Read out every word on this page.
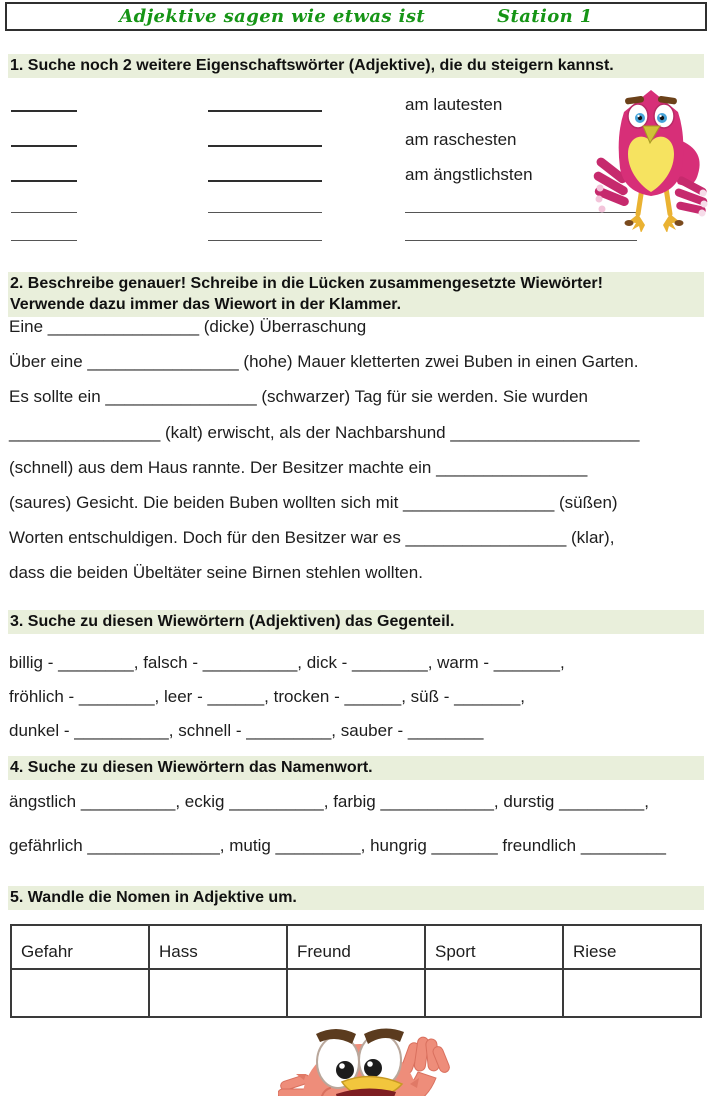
Adjektive sagen wie etwas ist	Station 1
1. Suche noch 2 weitere Eigenschaftswörter (Adjektive), die du steigern kannst.
am lautesten
am raschesten
am ängstlichsten
2. Beschreibe genauer! Schreibe in die Lücken zusammengesetzte Wiewörter!
Verwende dazu immer das Wiewort in der Klammer.
Eine ________________ (dicke) Überraschung
Über eine ________________ (hohe) Mauer kletterten zwei Buben in einen Garten.
Es sollte ein ________________ (schwarzer) Tag für sie werden. Sie wurden
________________ (kalt) erwischt, als der Nachbarshund ____________________
(schnell) aus dem Haus rannte. Der Besitzer machte ein ________________
(saures) Gesicht. Die beiden Buben wollten sich mit ________________ (süßen)
Worten entschuldigen. Doch für den Besitzer war es _________________ (klar),
dass die beiden Übeltäter seine Birnen stehlen wollten.
3. Suche zu diesen Wiewörtern (Adjektiven) das Gegenteil.
billig - ________, falsch - __________, dick - ________, warm - _______,
fröhlich - ________, leer - ______, trocken - ______, süß - _______,
dunkel - __________, schnell - _________, sauber - ________
4. Suche zu diesen Wiewörtern das Namenwort.
ängstlich __________, eckig __________, farbig ____________, durstig _________,
gefährlich ______________, mutig _________, hungrig _______ freundlich _________
5. Wandle die Nomen in Adjektive um.
Gefahr	Hass	Freund	Sport	Riese
